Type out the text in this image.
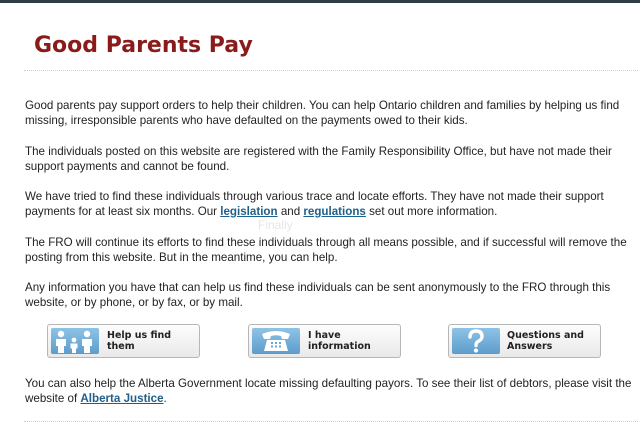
Good Parents Pay

Good parents pay support orders to help their children. You can help Ontario children and families by helping us find missing, irresponsible parents who have defaulted on the payments owed to their kids.

The individuals posted on this website are registered with the Family Responsibility Office, but have not made their support payments and cannot be found.

We have tried to find these individuals through various trace and locate efforts. They have not made their support payments for at least six months. Our legislation and regulations set out more information.

Finally

The FRO will continue its efforts to find these individuals through all means possible, and if successful will remove the posting from this website. But in the meantime, you can help.

Any information you have that can help us find these individuals can be sent anonymously to the FRO through this website, or by phone, or by fax, or by mail.

Help us find them
I have information
Questions and Answers

You can also help the Alberta Government locate missing defaulting payors. To see their list of debtors, please visit the website of Alberta Justice.
